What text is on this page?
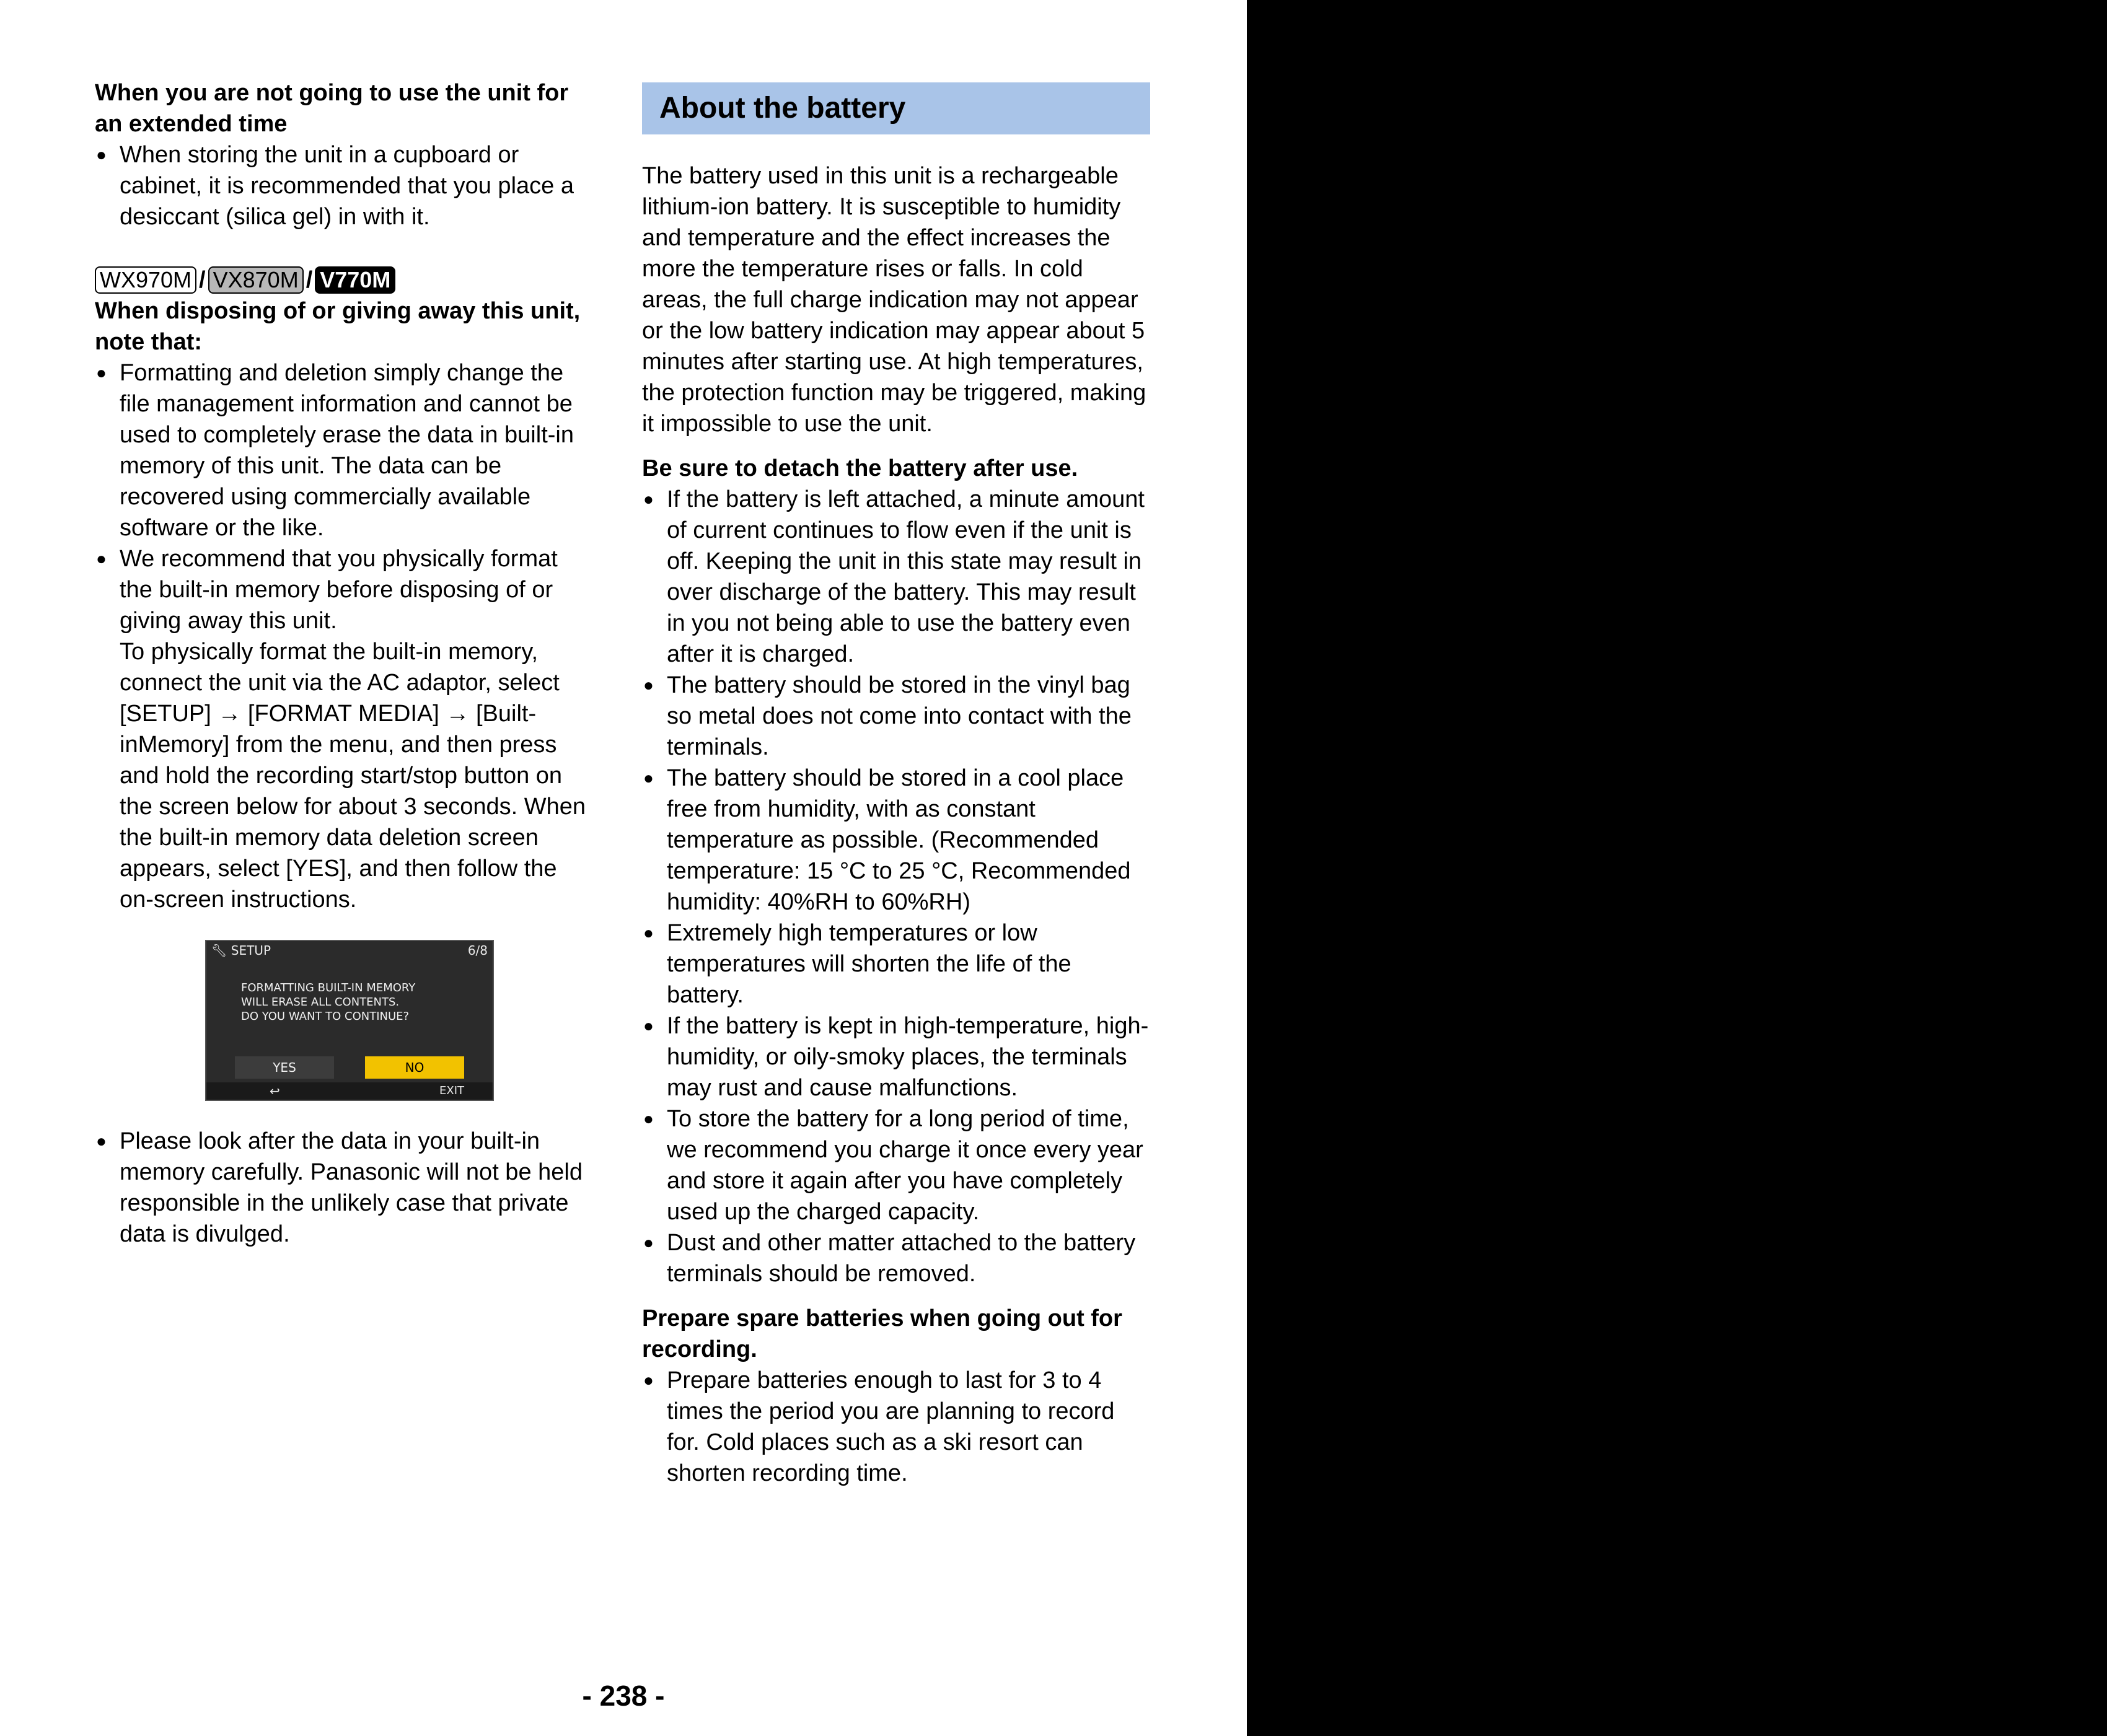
When you are not going to use the unit for an extended time
● When storing the unit in a cupboard or cabinet, it is recommended that you place a desiccant (silica gel) in with it.
WX970M / VX870M / V770M
When disposing of or giving away this unit, note that:
● Formatting and deletion simply change the file management information and cannot be used to completely erase the data in built-in memory of this unit. The data can be recovered using commercially available software or the like.
● We recommend that you physically format the built-in memory before disposing of or giving away this unit.
To physically format the built-in memory, connect the unit via the AC adaptor, select [SETUP] → [FORMAT MEDIA] → [Built-inMemory] from the menu, and then press and hold the recording start/stop button on the screen below for about 3 seconds. When the built-in memory data deletion screen appears, select [YES], and then follow the on-screen instructions.
🔧︎ SETUP	6/8
FORMATTING BUILT-IN MEMORY
WILL ERASE ALL CONTENTS.
DO YOU WANT TO CONTINUE?
YES	NO
↩	EXIT
● Please look after the data in your built-in memory carefully. Panasonic will not be held responsible in the unlikely case that private data is divulged.
About the battery

The battery used in this unit is a rechargeable lithium-ion battery. It is susceptible to humidity and temperature and the effect increases the more the temperature rises or falls. In cold areas, the full charge indication may not appear or the low battery indication may appear about 5 minutes after starting use. At high temperatures, the protection function may be triggered, making it impossible to use the unit.

Be sure to detach the battery after use.
● If the battery is left attached, a minute amount of current continues to flow even if the unit is off. Keeping the unit in this state may result in over discharge of the battery. This may result in you not being able to use the battery even after it is charged.
● The battery should be stored in the vinyl bag so metal does not come into contact with the terminals.
● The battery should be stored in a cool place free from humidity, with as constant temperature as possible. (Recommended temperature: 15 °C to 25 °C, Recommended humidity: 40%RH to 60%RH)
● Extremely high temperatures or low temperatures will shorten the life of the battery.
● If the battery is kept in high-temperature, high-humidity, or oily-smoky places, the terminals may rust and cause malfunctions.
● To store the battery for a long period of time, we recommend you charge it once every year and store it again after you have completely used up the charged capacity.
● Dust and other matter attached to the battery terminals should be removed.
Prepare spare batteries when going out for recording.
● Prepare batteries enough to last for 3 to 4 times the period you are planning to record for. Cold places such as a ski resort can shorten recording time.
- 238 -
